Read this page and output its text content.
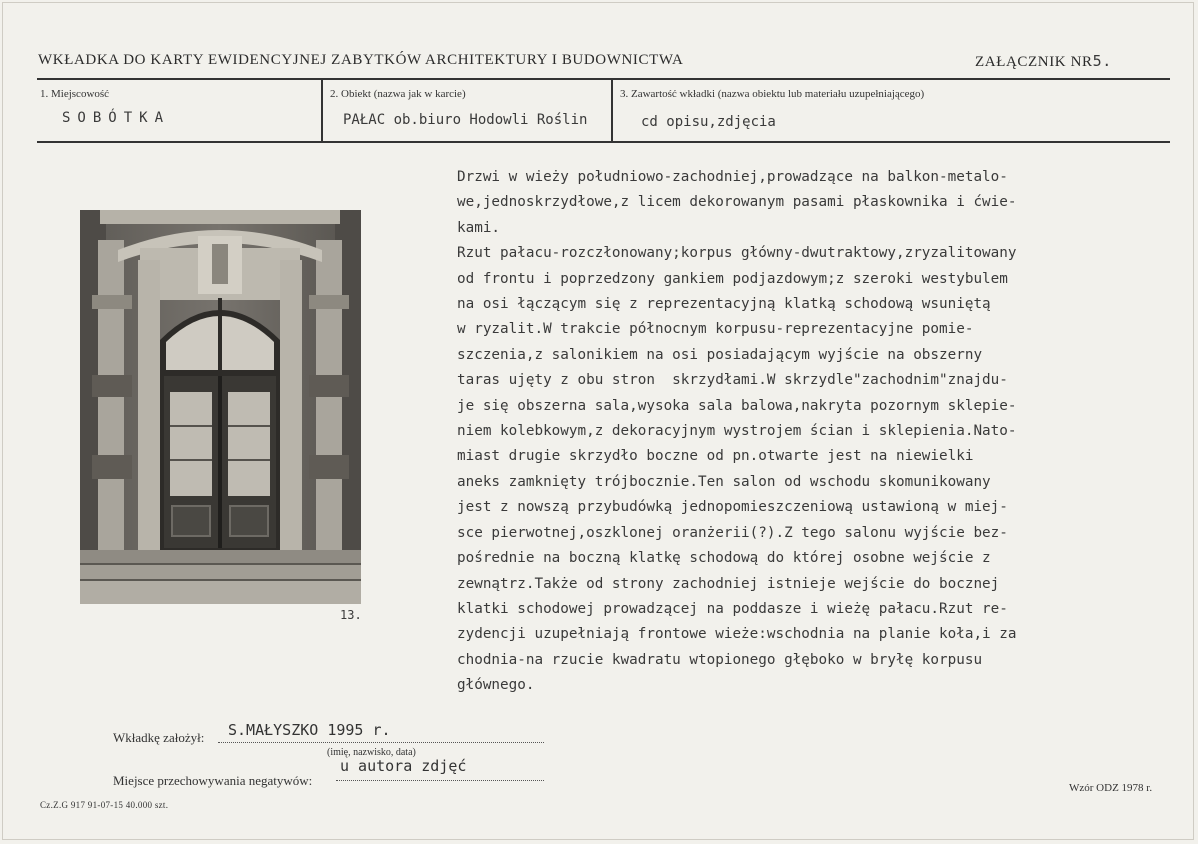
WKŁADKA DO KARTY EWIDENCYJNEJ ZABYTKÓW ARCHITEKTURY I BUDOWNICTWA	ZAŁĄCZNIK NR5.
1. Miejscowość
SOBÓTKA
2. Obiekt (nazwa jak w karcie)
PAŁAC ob.biuro Hodowli Roślin
3. Zawartość wkładki (nazwa obiektu lub materiału uzupełniającego)
cd opisu,zdjęcia
13.
Drzwi w wieży południowo-zachodniej,prowadzące na balkon-metalo-
we,jednoskrzydłowe,z licem dekorowanym pasami płaskownika i ćwie-
kami.
Rzut pałacu-rozczłonowany;korpus główny-dwutraktowy,zryzalitowany
od frontu i poprzedzony gankiem podjazdowym;z szeroki westybulem
na osi łączącym się z reprezentacyjną klatką schodową wsuniętą
w ryzalit.W trakcie północnym korpusu-reprezentacyjne pomie-
szczenia,z salonikiem na osi posiadającym wyjście na obszerny
taras ujęty z obu stron  skrzydłami.W skrzydle"zachodnim"znajdu-
je się obszerna sala,wysoka sala balowa,nakryta pozornym sklepie-
niem kolebkowym,z dekoracyjnym wystrojem ścian i sklepienia.Nato-
miast drugie skrzydło boczne od pn.otwarte jest na niewielki
aneks zamknięty trójbocznie.Ten salon od wschodu skomunikowany
jest z nowszą przybudówką jednopomieszczeniową ustawioną w miej-
sce pierwotnej,oszklonej oranżerii(?).Z tego salonu wyjście bez-
pośrednie na boczną klatkę schodową do której osobne wejście z
zewnątrz.Także od strony zachodniej istnieje wejście do bocznej
klatki schodowej prowadzącej na poddasze i wieżę pałacu.Rzut re-
zydencji uzupełniają frontowe wieże:wschodnia na planie koła,i za
chodnia-na rzucie kwadratu wtopionego głęboko w bryłę korpusu
głównego.
Wkładkę założył: S.MAŁYSZKO 1995 r.
(imię, nazwisko, data)
Miejsce przechowywania negatywów:
u autora zdjęć
Cz.Z.G 917 91-07-15 40.000 szt.
Wzór ODZ 1978 r.
